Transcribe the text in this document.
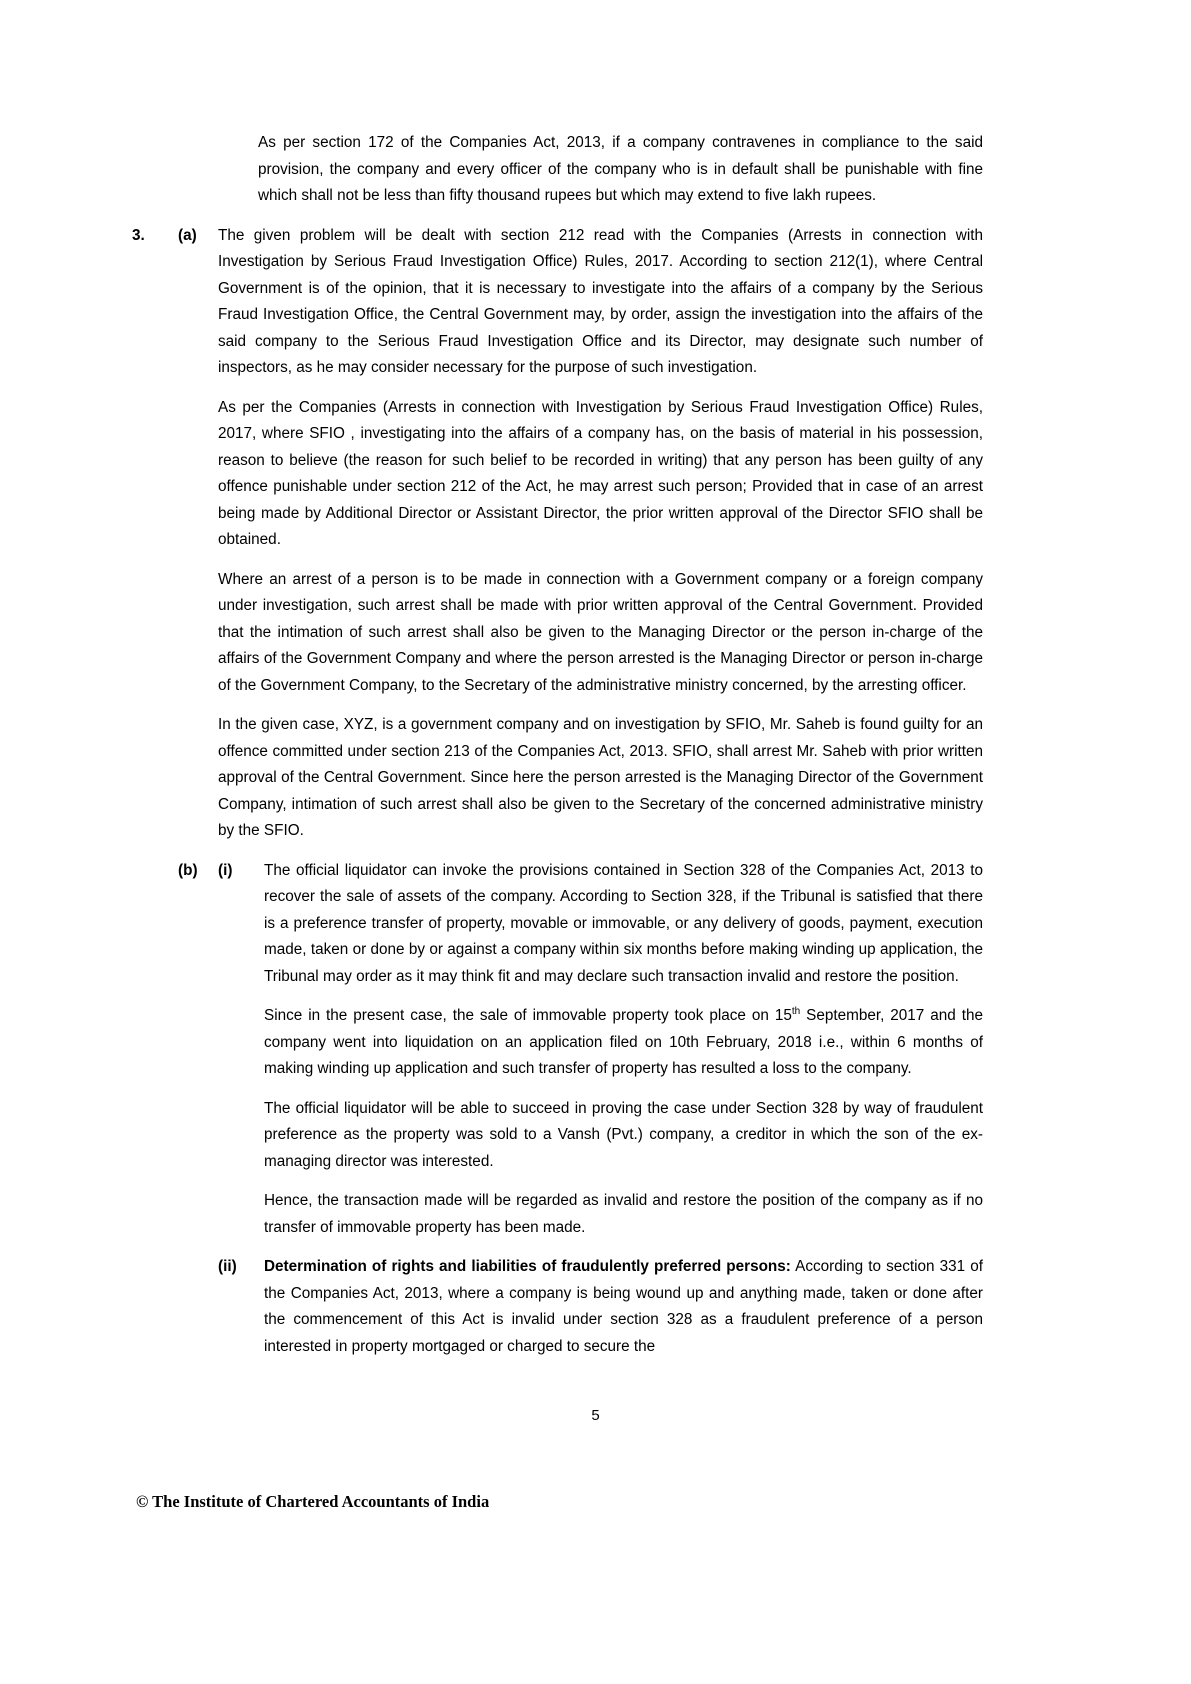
As per section 172 of the Companies Act, 2013, if a company contravenes in compliance to the said provision, the company and every officer of the company who is in default shall be punishable with fine which shall not be less than fifty thousand rupees but which may extend to five lakh rupees.

3.	(a)	The given problem will be dealt with section 212 read with the Companies (Arrests in connection with Investigation by Serious Fraud Investigation Office) Rules, 2017. According to section 212(1), where Central Government is of the opinion, that it is necessary to investigate into the affairs of a company by the Serious Fraud Investigation Office, the Central Government may, by order, assign the investigation into the affairs of the said company to the Serious Fraud Investigation Office and its Director, may designate such number of inspectors, as he may consider necessary for the purpose of such investigation.

As per the Companies (Arrests in connection with Investigation by Serious Fraud Investigation Office) Rules, 2017, where SFIO , investigating into the affairs of a company has, on the basis of material in his possession, reason to believe (the reason for such belief to be recorded in writing) that any person has been guilty of any offence punishable under section 212 of the Act, he may arrest such person; Provided that in case of an arrest being made by Additional Director or Assistant Director, the prior written approval of the Director SFIO shall be obtained.

Where an arrest of a person is to be made in connection with a Government company or a foreign company under investigation, such arrest shall be made with prior written approval of the Central Government. Provided that the intimation of such arrest shall also be given to the Managing Director or the person in-charge of the affairs of the Government Company and where the person arrested is the Managing Director or person in-charge of the Government Company, to the Secretary of the administrative ministry concerned, by the arresting officer.

In the given case, XYZ, is a government company and on investigation by SFIO, Mr. Saheb is found guilty for an offence committed under section 213 of the Companies Act, 2013. SFIO, shall arrest Mr. Saheb with prior written approval of the Central Government. Since here the person arrested is the Managing Director of the Government Company, intimation of such arrest shall also be given to the Secretary of the concerned administrative ministry by the SFIO.

(b)	(i)	The official liquidator can invoke the provisions contained in Section 328 of the Companies Act, 2013 to recover the sale of assets of the company. According to Section 328, if the Tribunal is satisfied that there is a preference transfer of property, movable or immovable, or any delivery of goods, payment, execution made, taken or done by or against a company within six months before making winding up application, the Tribunal may order as it may think fit and may declare such transaction invalid and restore the position.

Since in the present case, the sale of immovable property took place on 15th September, 2017 and the company went into liquidation on an application filed on 10th February, 2018 i.e., within 6 months of making winding up application and such transfer of property has resulted a loss to the company.

The official liquidator will be able to succeed in proving the case under Section 328 by way of fraudulent preference as the property was sold to a Vansh (Pvt.) company, a creditor in which the son of the ex-managing director was interested.

Hence, the transaction made will be regarded as invalid and restore the position of the company as if no transfer of immovable property has been made.

(ii)	Determination of rights and liabilities of fraudulently preferred persons: According to section 331 of the Companies Act, 2013, where a company is being wound up and anything made, taken or done after the commencement of this Act is invalid under section 328 as a fraudulent preference of a person interested in property mortgaged or charged to secure the

5
© The Institute of Chartered Accountants of India
